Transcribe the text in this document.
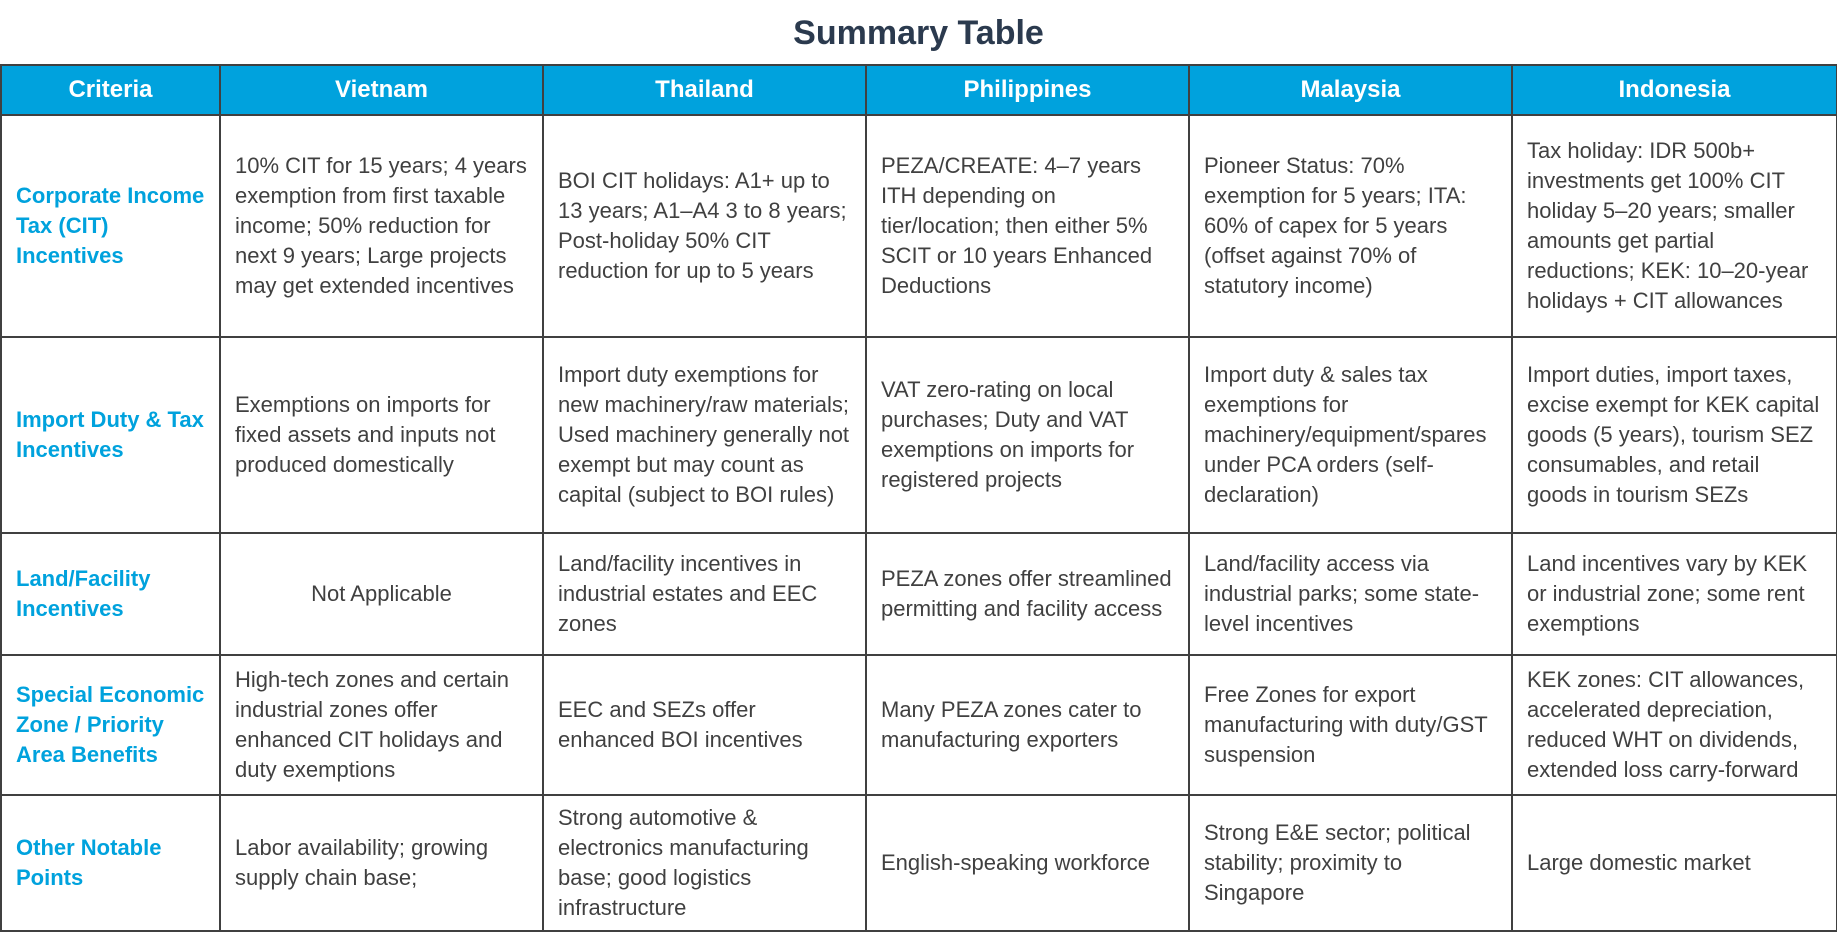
Summary Table
Criteria	Vietnam	Thailand	Philippines	Malaysia	Indonesia
Corporate Income Tax (CIT) Incentives	10% CIT for 15 years; 4 years exemption from first taxable income; 50% reduction for next 9 years; Large projects may get extended incentives	BOI CIT holidays: A1+ up to 13 years; A1–A4 3 to 8 years; Post-holiday 50% CIT reduction for up to 5 years	PEZA/CREATE: 4–7 years ITH depending on tier/location; then either 5% SCIT or 10 years Enhanced Deductions	Pioneer Status: 70% exemption for 5 years; ITA: 60% of capex for 5 years (offset against 70% of statutory income)	Tax holiday: IDR 500b+ investments get 100% CIT holiday 5–20 years; smaller amounts get partial reductions; KEK: 10–20-year holidays + CIT allowances
Import Duty & Tax Incentives	Exemptions on imports for fixed assets and inputs not produced domestically	Import duty exemptions for new machinery/raw materials; Used machinery generally not exempt but may count as capital (subject to BOI rules)	VAT zero-rating on local purchases; Duty and VAT exemptions on imports for registered projects	Import duty & sales tax exemptions for machinery/equipment/spares under PCA orders (self-declaration)	Import duties, import taxes, excise exempt for KEK capital goods (5 years), tourism SEZ consumables, and retail goods in tourism SEZs
Land/Facility Incentives	Not Applicable	Land/facility incentives in industrial estates and EEC zones	PEZA zones offer streamlined permitting and facility access	Land/facility access via industrial parks; some state-level incentives	Land incentives vary by KEK or industrial zone; some rent exemptions
Special Economic Zone / Priority Area Benefits	High-tech zones and certain industrial zones offer enhanced CIT holidays and duty exemptions	EEC and SEZs offer enhanced BOI incentives	Many PEZA zones cater to manufacturing exporters	Free Zones for export manufacturing with duty/GST suspension	KEK zones: CIT allowances, accelerated depreciation, reduced WHT on dividends, extended loss carry-forward
Other Notable Points	Labor availability; growing supply chain base;	Strong automotive & electronics manufacturing base; good logistics infrastructure	English-speaking workforce	Strong E&E sector; political stability; proximity to Singapore	Large domestic market
